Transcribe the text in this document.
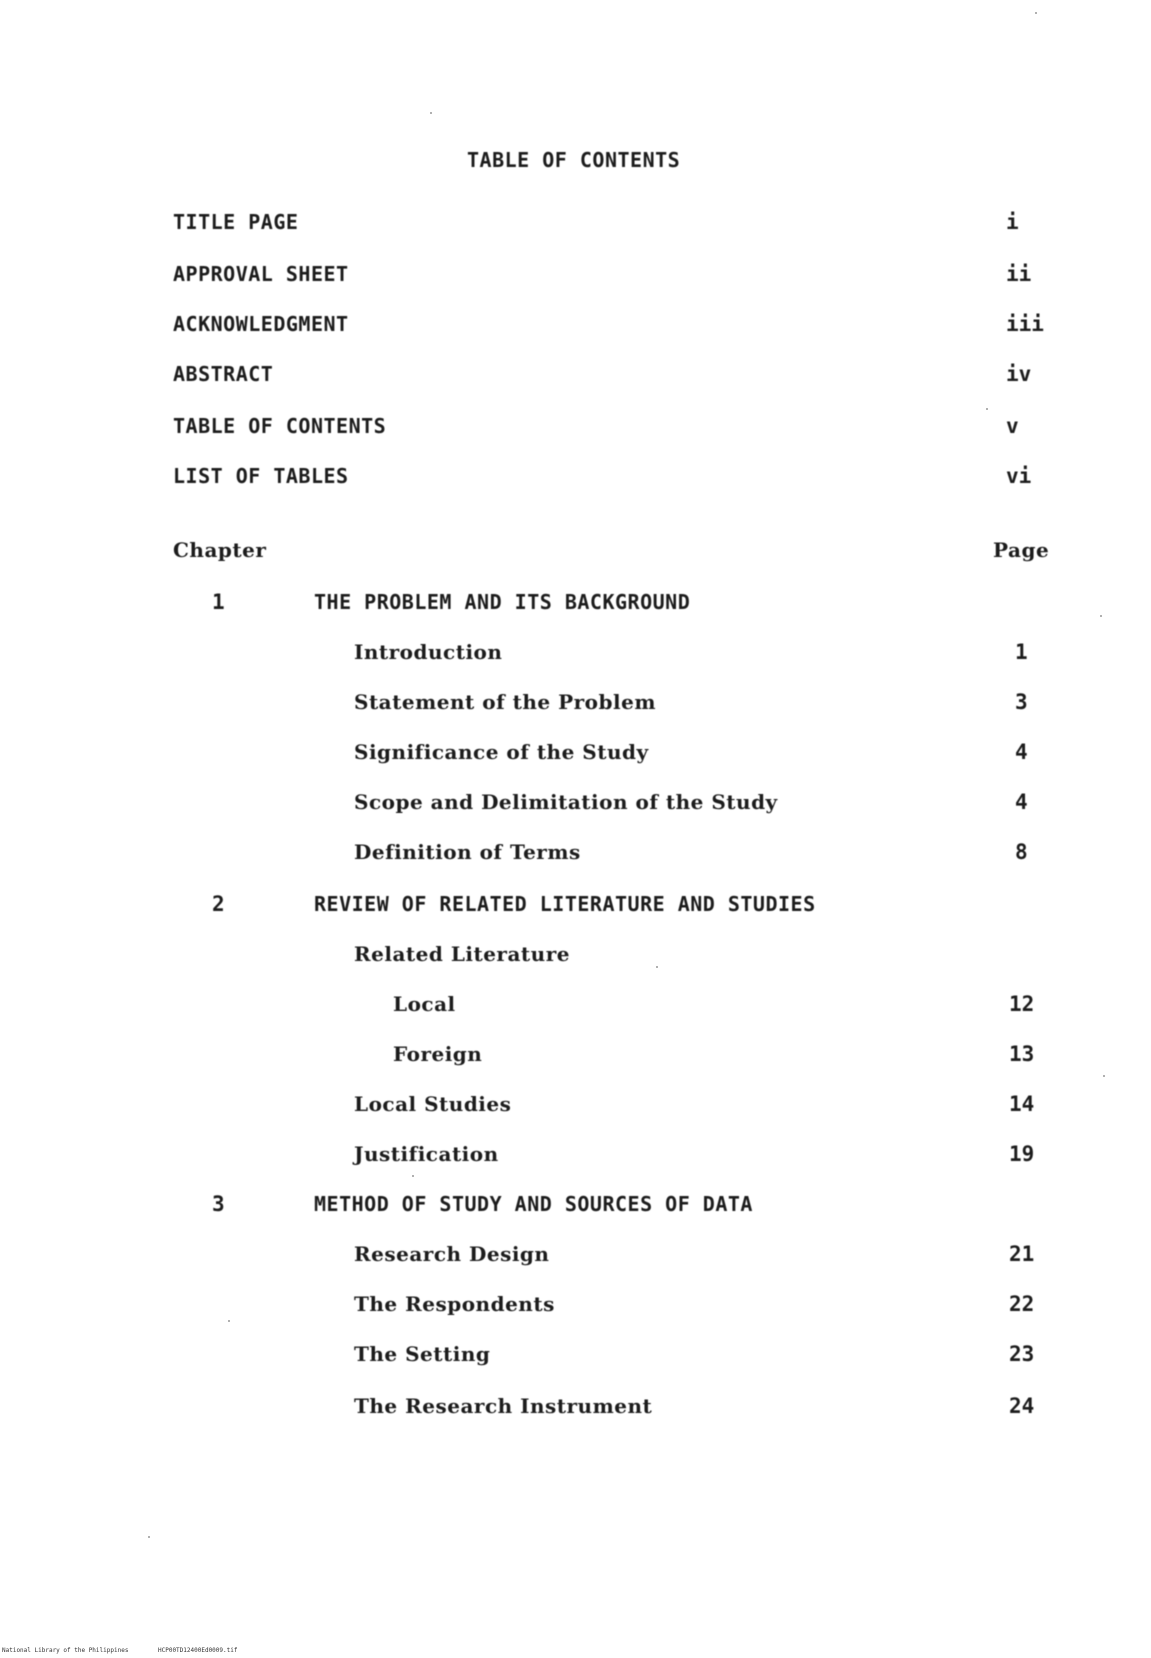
TABLE OF CONTENTS
TITLE PAGE	i
APPROVAL SHEET	ii
ACKNOWLEDGMENT	iii
ABSTRACT	iv
TABLE OF CONTENTS	v
LIST OF TABLES	vi
Chapter	Page
1	THE PROBLEM AND ITS BACKGROUND
Introduction	1
Statement of the Problem	3
Significance of the Study	4
Scope and Delimitation of the Study	4
Definition of Terms	8
2	REVIEW OF RELATED LITERATURE AND STUDIES
Related Literature
Local	12
Foreign	13
Local Studies	14
Justification	19
3	METHOD OF STUDY AND SOURCES OF DATA
Research Design	21
The Respondents	22
The Setting	23
The Research Instrument	24
National Library of the Philippines	HCP00TD12400Ed0009.tif
